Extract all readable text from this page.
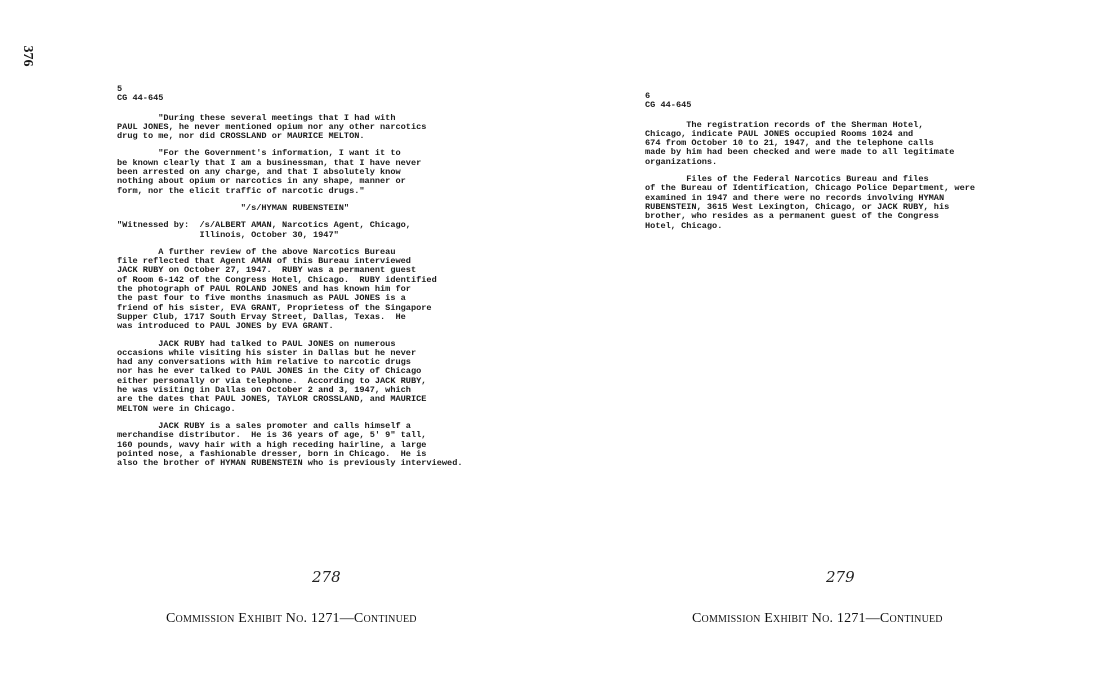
376
5
CG 44-645

"During these several meetings that I had with
PAUL JONES, he never mentioned opium nor any other narcotics
drug to me, nor did CROSSLAND or MAURICE MELTON.

"For the Government's information, I want it to
be known clearly that I am a businessman, that I have never
been arrested on any charge, and that I absolutely know
nothing about opium or narcotics in any shape, manner or
form, nor the elicit traffic of narcotic drugs."

"/s/HYMAN RUBENSTEIN"

"Witnessed by:  /s/ALBERT AMAN, Narcotics Agent, Chicago,
Illinois, October 30, 1947"

A further review of the above Narcotics Bureau
file reflected that Agent AMAN of this Bureau interviewed
JACK RUBY on October 27, 1947.  RUBY was a permanent guest
of Room 6-142 of the Congress Hotel, Chicago.  RUBY identified
the photograph of PAUL ROLAND JONES and has known him for
the past four to five months inasmuch as PAUL JONES is a
friend of his sister, EVA GRANT, Proprietess of the Singapore
Supper Club, 1717 South Ervay Street, Dallas, Texas.  He
was introduced to PAUL JONES by EVA GRANT.

JACK RUBY had talked to PAUL JONES on numerous
occasions while visiting his sister in Dallas but he never
had any conversations with him relative to narcotic drugs
nor has he ever talked to PAUL JONES in the City of Chicago
either personally or via telephone.  According to JACK RUBY,
he was visiting in Dallas on October 2 and 3, 1947, which
are the dates that PAUL JONES, TAYLOR CROSSLAND, and MAURICE
MELTON were in Chicago.

JACK RUBY is a sales promoter and calls himself a
merchandise distributor.  He is 36 years of age, 5' 9" tall,
160 pounds, wavy hair with a high receding hairline, a large
pointed nose, a fashionable dresser, born in Chicago.  He is
also the brother of HYMAN RUBENSTEIN who is previously interviewed.

278
Commission Exhibit No. 1271—Continued
6
CG 44-645

The registration records of the Sherman Hotel,
Chicago, indicate PAUL JONES occupied Rooms 1024 and
674 from October 10 to 21, 1947, and the telephone calls
made by him had been checked and were made to all legitimate
organizations.

Files of the Federal Narcotics Bureau and files
of the Bureau of Identification, Chicago Police Department, were
examined in 1947 and there were no records involving HYMAN
RUBENSTEIN, 3615 West Lexington, Chicago, or JACK RUBY, his
brother, who resides as a permanent guest of the Congress
Hotel, Chicago.

279
Commission Exhibit No. 1271—Continued
